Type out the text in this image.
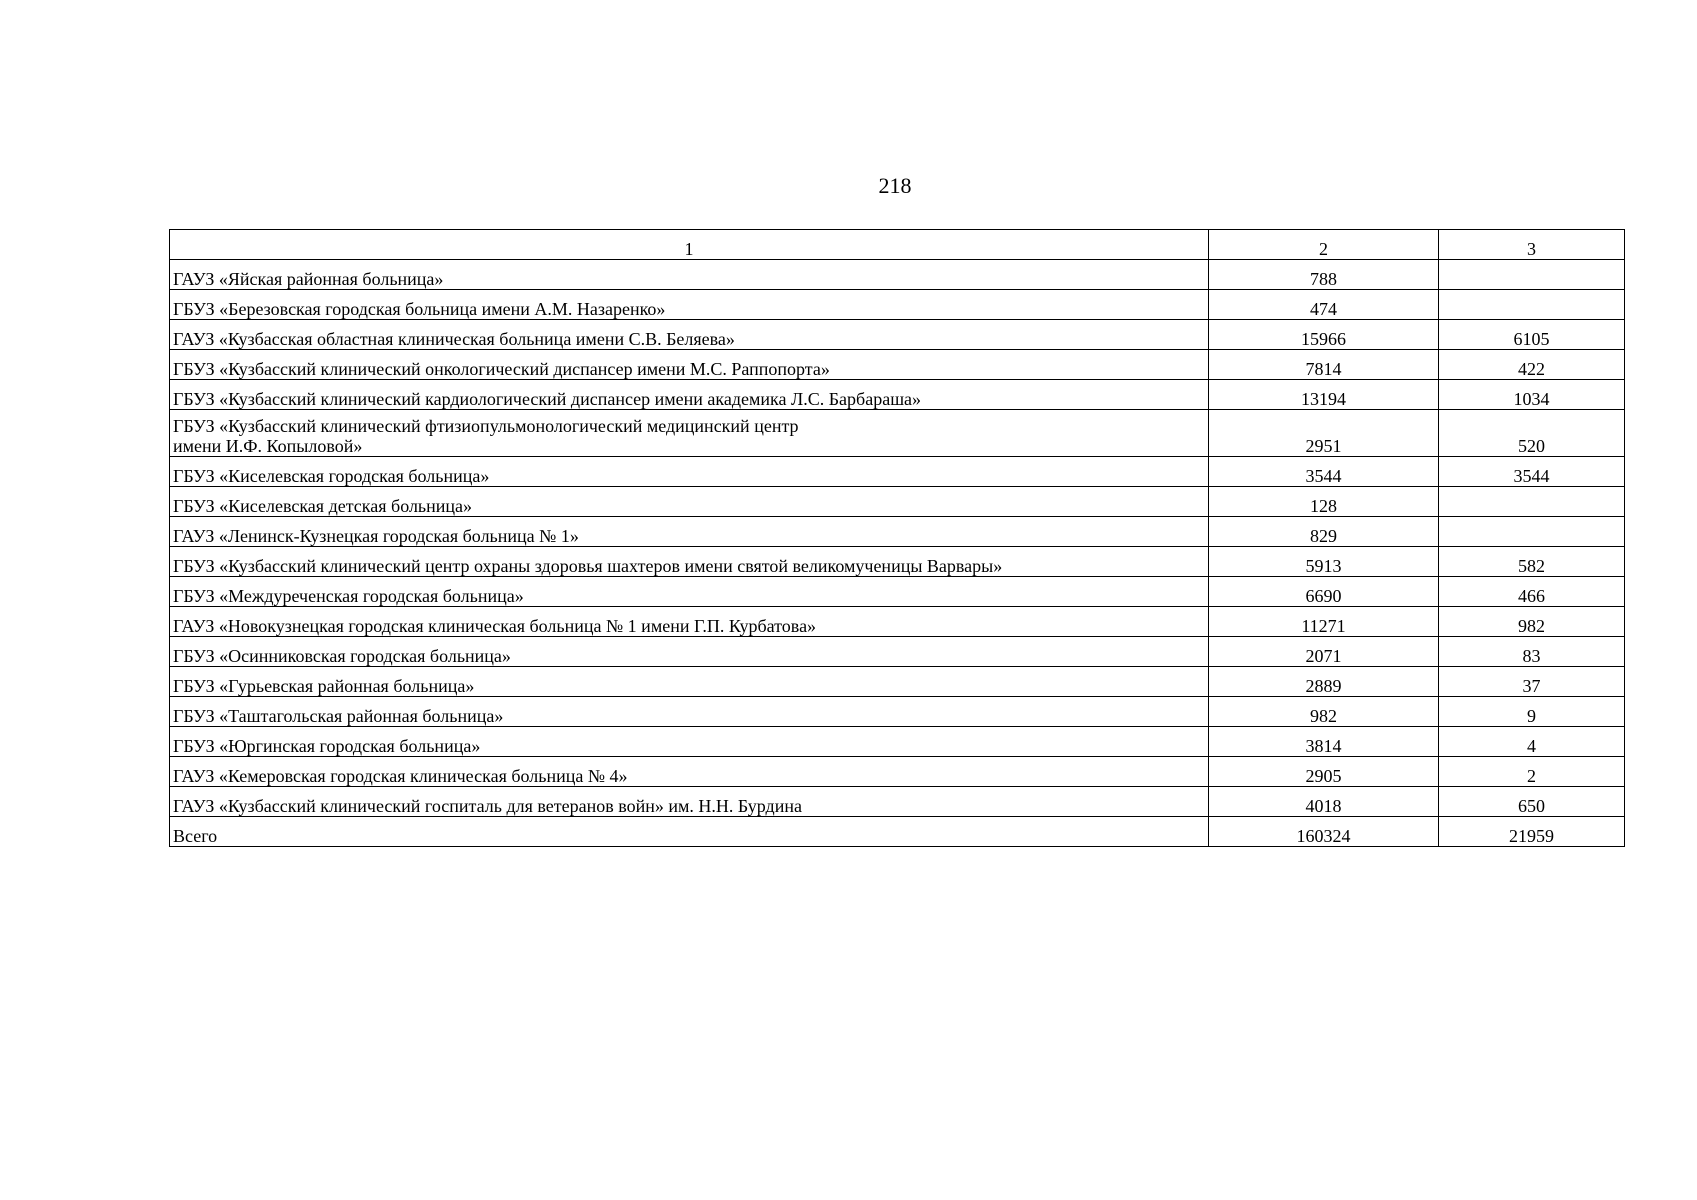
218
1	2	3
ГАУЗ «Яйская районная больница»	788	
ГБУЗ «Березовская городская больница имени А.М. Назаренко»	474	
ГАУЗ «Кузбасская областная клиническая больница имени С.В. Беляева»	15966	6105
ГБУЗ «Кузбасский клинический онкологический диспансер имени М.С. Раппопорта»	7814	422
ГБУЗ «Кузбасский клинический кардиологический диспансер имени академика Л.С. Барбараша»	13194	1034

ГБУЗ «Кузбасский клинический фтизиопульмонологический медицинский центр
имени И.Ф. Копыловой»	2951	520
ГБУЗ «Киселевская городская больница»	3544	3544
ГБУЗ «Киселевская детская больница»	128	
ГАУЗ «Ленинск-Кузнецкая городская больница № 1»	829	
ГБУЗ «Кузбасский клинический центр охраны здоровья шахтеров имени святой великомученицы Варвары»	5913	582
ГБУЗ «Междуреченская городская больница»	6690	466
ГАУЗ «Новокузнецкая городская клиническая больница № 1 имени Г.П. Курбатова»	11271	982
ГБУЗ «Осинниковская городская больница»	2071	83
ГБУЗ «Гурьевская районная больница»	2889	37
ГБУЗ «Таштагольская районная больница»	982	9
ГБУЗ «Юргинская городская больница»	3814	4
ГАУЗ «Кемеровская городская клиническая больница № 4»	2905	2
ГАУЗ «Кузбасский клинический госпиталь для ветеранов войн» им. Н.Н. Бурдина	4018	650
Всего	160324	21959
